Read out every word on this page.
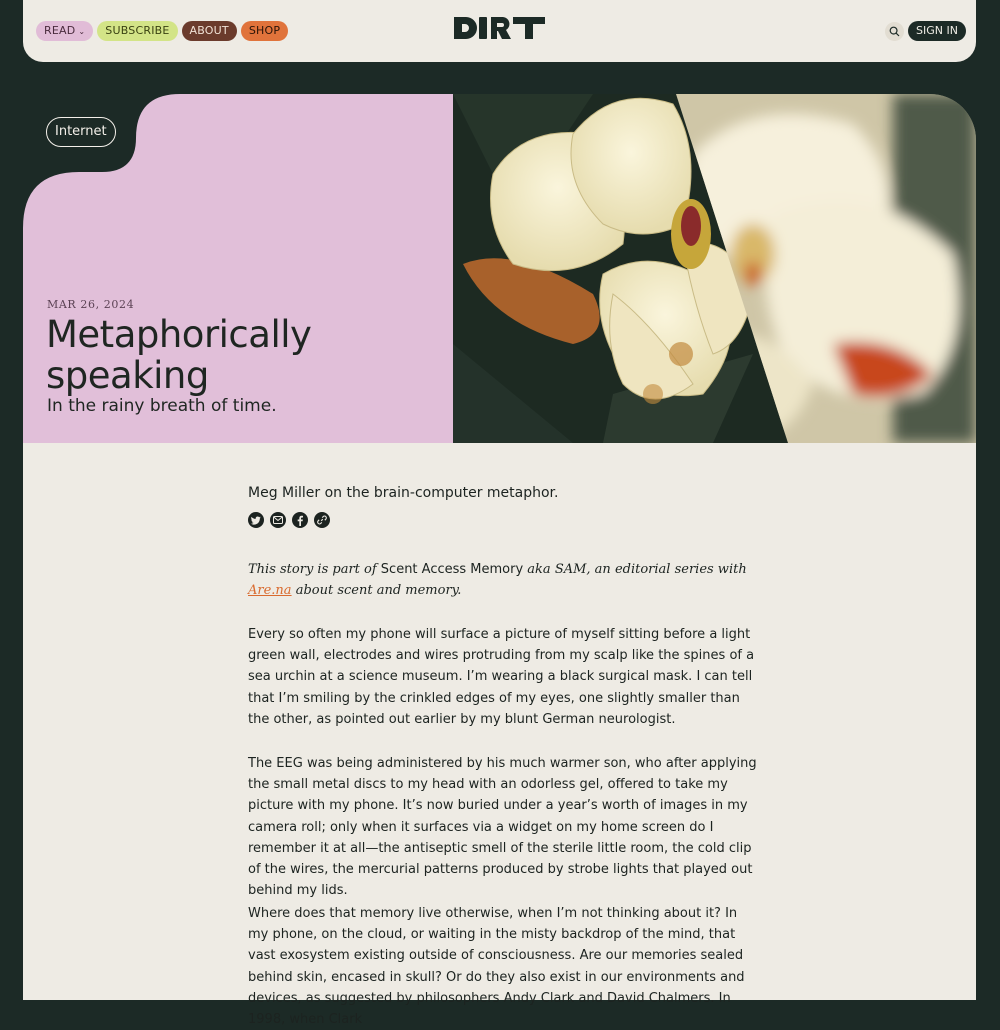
READ ⌄	SUBSCRIBE	ABOUT	SHOP	SIGN IN
Internet
MAR 26, 2024
Metaphorically speaking
In the rainy breath of time.
Meg Miller on the brain-computer metaphor.
This story is part of Scent Access Memory aka SAM, an editorial series with Are.na about scent and memory.

Every so often my phone will surface a picture of myself sitting before a light green wall, electrodes and wires protruding from my scalp like the spines of a sea urchin at a science museum. I’m wearing a black surgical mask. I can tell that I’m smiling by the crinkled edges of my eyes, one slightly smaller than the other, as pointed out earlier by my blunt German neurologist.

The EEG was being administered by his much warmer son, who after applying the small metal discs to my head with an odorless gel, offered to take my picture with my phone. It’s now buried under a year’s worth of images in my camera roll; only when it surfaces via a widget on my home screen do I remember it at all—the antiseptic smell of the sterile little room, the cold clip of the wires, the mercurial patterns produced by strobe lights that played out behind my lids.

Where does that memory live otherwise, when I’m not thinking about it? In my phone, on the cloud, or waiting in the misty backdrop of the mind, that vast exosystem existing outside of consciousness. Are our memories sealed behind skin, encased in skull? Or do they also exist in our environments and devices, as suggested by philosophers Andy Clark and David Chalmers. In 1998, when Clark
